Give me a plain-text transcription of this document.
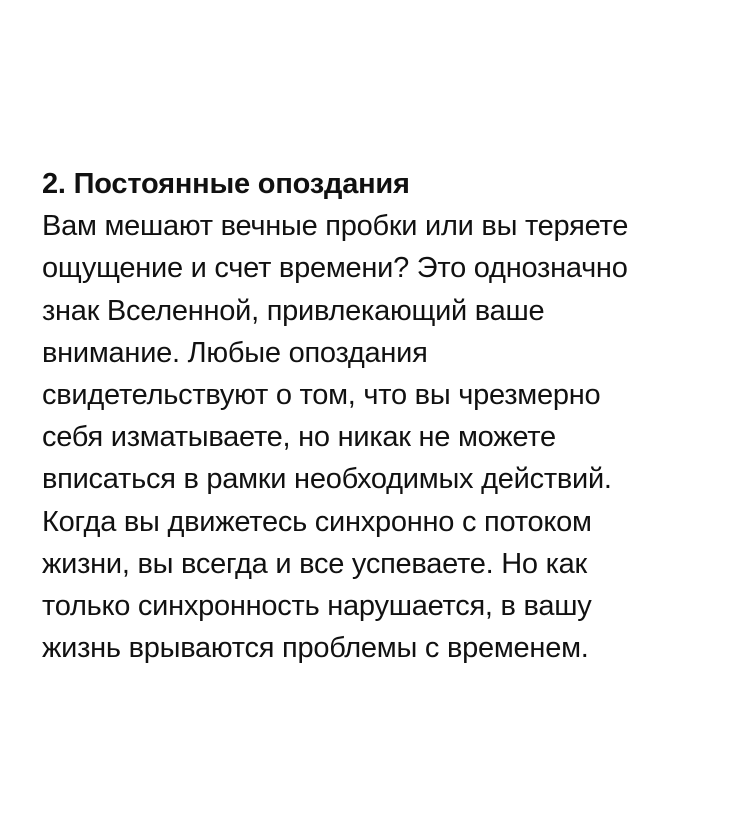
2. Постоянные опоздания
Вам мешают вечные пробки или вы теряете
ощущение и счет времени? Это однозначно
знак Вселенной, привлекающий ваше
внимание. Любые опоздания
свидетельствуют о том, что вы чрезмерно
себя изматываете, но никак не можете
вписаться в рамки необходимых действий.
Когда вы движетесь синхронно с потоком
жизни, вы всегда и все успеваете. Но как
только синхронность нарушается, в вашу
жизнь врываются проблемы с временем.
